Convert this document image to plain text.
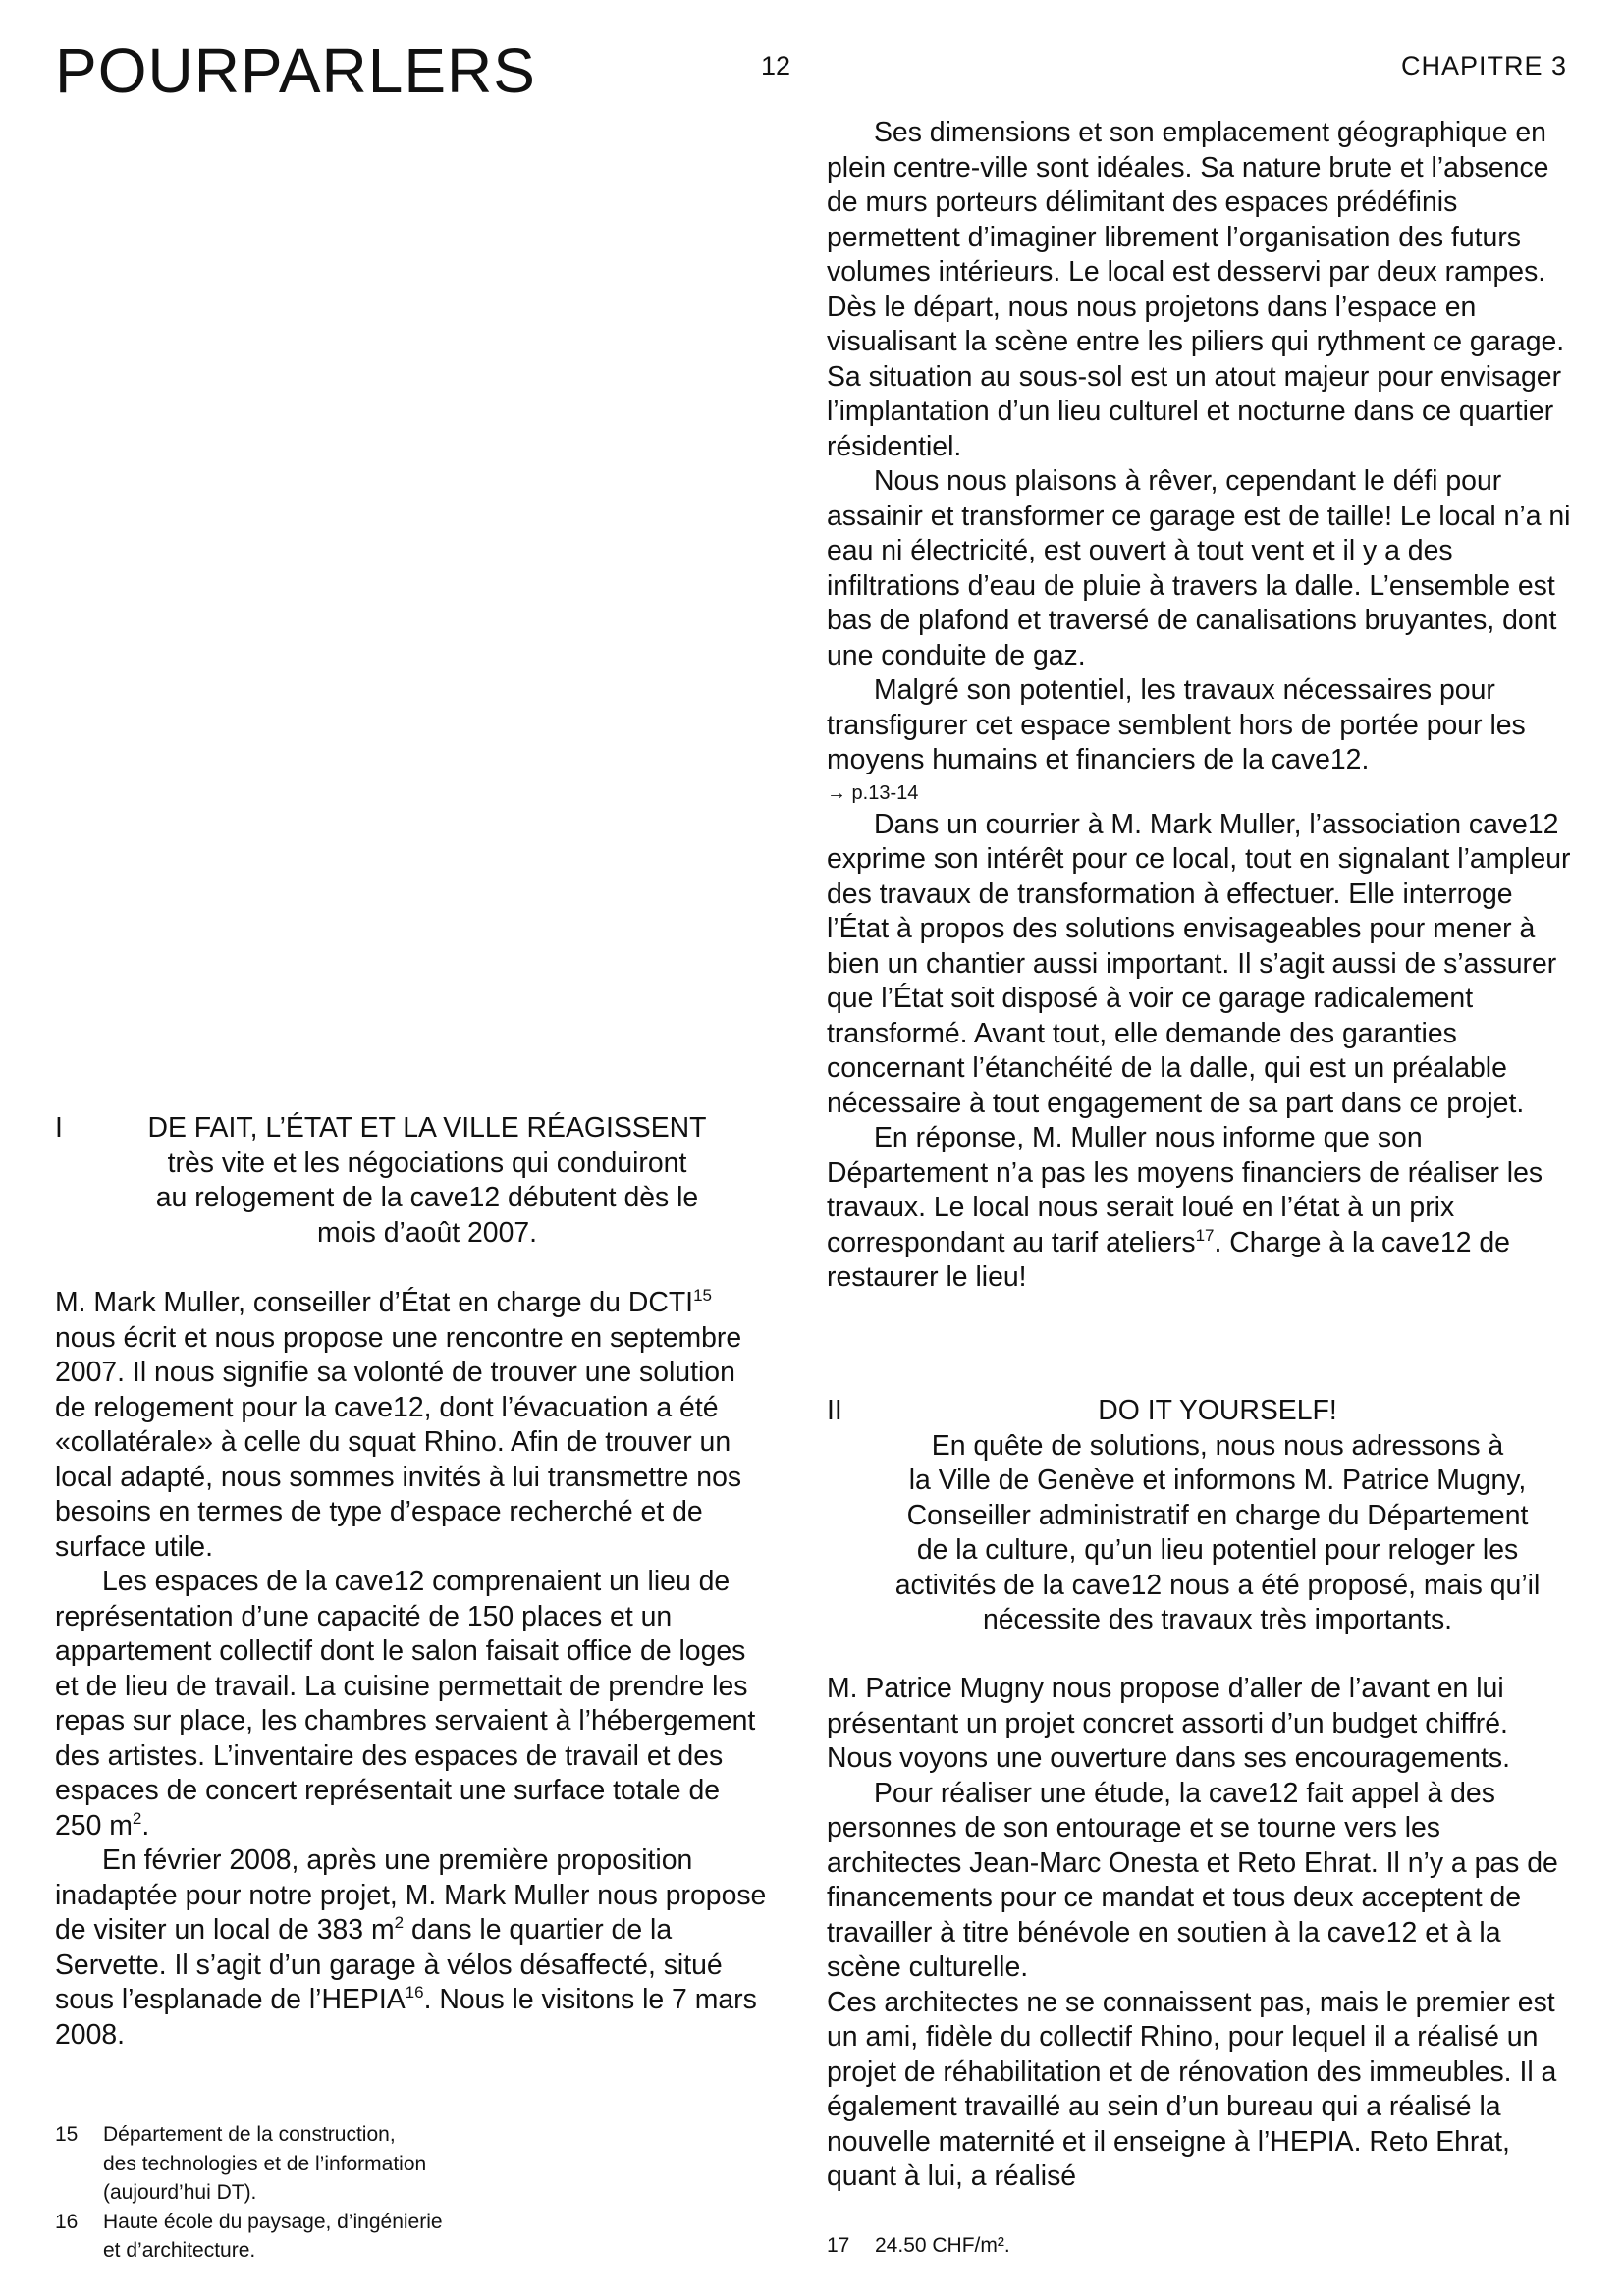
POURPARLERS	12	CHAPITRE 3
I	DE FAIT, L’ÉTAT ET LA VILLE RÉAGISSENT
très vite et les négociations qui conduiront
au relogement de la cave12 débutent dès le
mois d’août 2007.

M. Mark Muller, conseiller d’État en charge du DCTI$^{15}$ nous écrit et nous propose une rencontre en septembre 2007. Il nous signifie sa volonté de trouver une solution de relogement pour la cave12, dont l’évacuation a été «collatérale» à celle du squat Rhino. Afin de trouver un local adapté, nous sommes invités à lui transmettre nos besoins en termes de type d’espace recherché et de surface utile.

Les espaces de la cave12 comprenaient un lieu de représentation d’une capacité de 150 places et un appartement collectif dont le salon faisait office de loges et de lieu de travail. La cuisine permettait de prendre les repas sur place, les chambres servaient à l’hébergement des artistes. L’inventaire des espaces de travail et des espaces de concert représentait une surface totale de 250 $m^2$.

En février 2008, après une première proposition inadaptée pour notre projet, M. Mark Muller nous propose de visiter un local de 383 $m^2$ dans le quartier de la Servette. Il s’agit d’un garage à vélos désaffecté, situé sous l’esplanade de l’HEPIA$^{16}$. Nous le visitons le 7 mars 2008.

15 Département de la construction,
des technologies et de l’information
(aujourd’hui DT).
16 Haute école du paysage, d’ingénierie
et d’architecture.

Ses dimensions et son emplacement géographique en plein centre-ville sont idéales. Sa nature brute et l’absence de murs porteurs délimitant des espaces prédéfinis permettent d’imaginer librement l’organisation des futurs volumes intérieurs. Le local est desservi par deux rampes.

Dès le départ, nous nous projetons dans l’espace en visualisant la scène entre les piliers qui rythment ce garage. Sa situation au sous-sol est un atout majeur pour envisager l’implantation d’un lieu culturel et nocturne dans ce quartier résidentiel.

Nous nous plaisons à rêver, cependant le défi pour assainir et transformer ce garage est de taille! Le local n’a ni eau ni électricité, est ouvert à tout vent et il y a des infiltrations d’eau de pluie à travers la dalle. L’ensemble est bas de plafond et traversé de canalisations bruyantes, dont une conduite de gaz.

Malgré son potentiel, les travaux nécessaires pour transfigurer cet espace semblent hors de portée pour les moyens humains et financiers de la cave12.

→ p.13-14

Dans un courrier à M. Mark Muller, l’association cave12 exprime son intérêt pour ce local, tout en signalant l’ampleur des travaux de transformation à effectuer. Elle interroge l’État à propos des solutions envisageables pour mener à bien un chantier aussi important. Il s’agit aussi de s’assurer que l’État soit disposé à voir ce garage radicalement transformé. Avant tout, elle demande des garanties concernant l’étanchéité de la dalle, qui est un préalable nécessaire à tout engagement de sa part dans ce projet.

En réponse, M. Muller nous informe que son Département n’a pas les moyens financiers de réaliser les travaux. Le local nous serait loué en l’état à un prix correspondant au tarif ateliers$^{17}$. Charge à la cave12 de restaurer le lieu!

II	DO IT YOURSELF!
En quête de solutions, nous nous adressons à
la Ville de Genève et informons M. Patrice Mugny,
Conseiller administratif en charge du Département
de la culture, qu’un lieu potentiel pour reloger les
activités de la cave12 nous a été proposé, mais qu’il
nécessite des travaux très importants.

M. Patrice Mugny nous propose d’aller de l’avant en lui présentant un projet concret assorti d’un budget chiffré. Nous voyons une ouverture dans ses encouragements.

Pour réaliser une étude, la cave12 fait appel à des personnes de son entourage et se tourne vers les architectes Jean-Marc Onesta et Reto Ehrat. Il n’y a pas de financements pour ce mandat et tous deux acceptent de travailler à titre bénévole en soutien à la cave12 et à la scène culturelle.

Ces architectes ne se connaissent pas, mais le premier est un ami, fidèle du collectif Rhino, pour lequel il a réalisé un projet de réhabilitation et de rénovation des immeubles. Il a également travaillé au sein d’un bureau qui a réalisé la nouvelle maternité et il enseigne à l’HEPIA. Reto Ehrat, quant à lui, a réalisé

17 24.50 CHF/m².
